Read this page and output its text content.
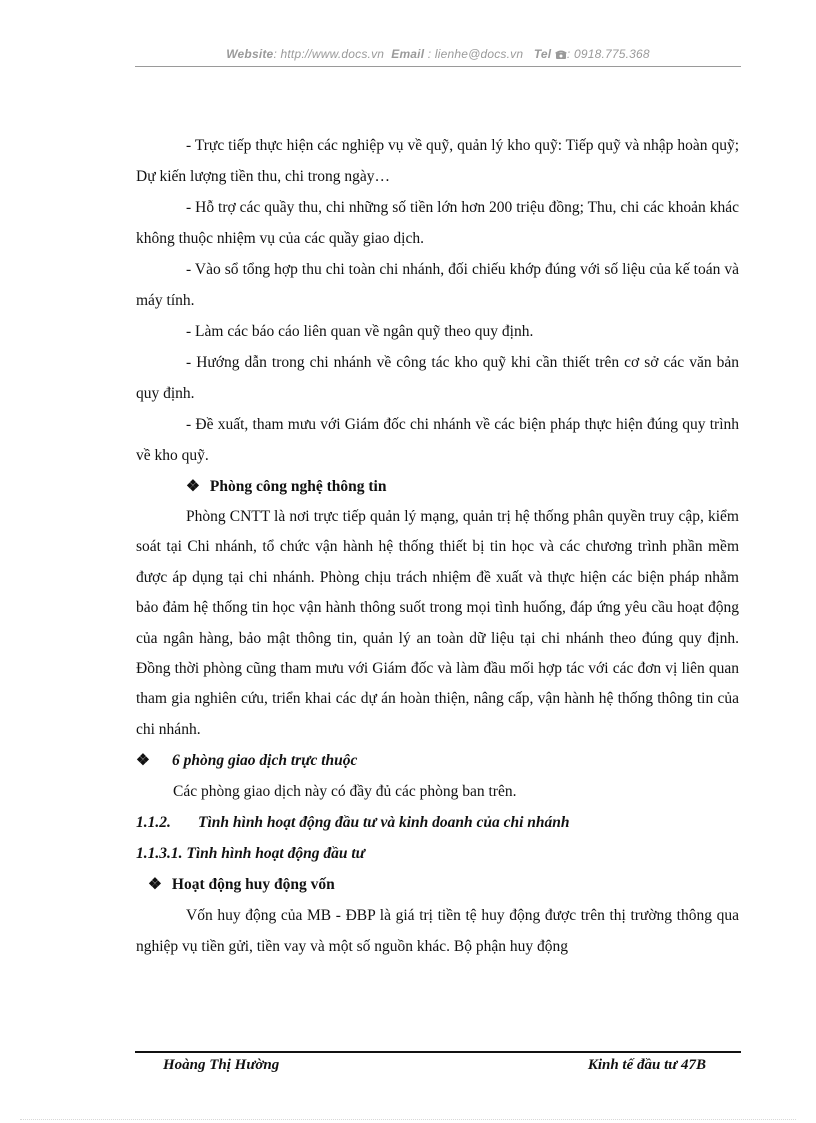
Website: http://www.docs.vn Email : lienhe@docs.vn Tel : 0918.775.368

- Trực tiếp thực hiện các nghiệp vụ về quỹ, quản lý kho quỹ: Tiếp quỹ và nhập hoàn quỹ; Dự kiến lượng tiền thu, chi trong ngày…

- Hỗ trợ các quầy thu, chi những số tiền lớn hơn 200 triệu đồng; Thu, chi các khoản khác không thuộc nhiệm vụ của các quầy giao dịch.

- Vào sổ tổng hợp thu chi toàn chi nhánh, đối chiếu khớp đúng với số liệu của kế toán và máy tính.

- Làm các báo cáo liên quan về ngân quỹ theo quy định.

- Hướng dẫn trong chi nhánh về công tác kho quỹ khi cần thiết trên cơ sở các văn bản quy định.

- Đề xuất, tham mưu với Giám đốc chi nhánh về các biện pháp thực hiện đúng quy trình về kho quỹ.

❖ Phòng công nghệ thông tin

Phòng CNTT là nơi trực tiếp quản lý mạng, quản trị hệ thống phân quyền truy cập, kiểm soát tại Chi nhánh, tổ chức vận hành hệ thống thiết bị tin học và các chương trình phần mềm được áp dụng tại chi nhánh. Phòng chịu trách nhiệm đề xuất và thực hiện các biện pháp nhằm bảo đảm hệ thống tin học vận hành thông suốt trong mọi tình huống, đáp ứng yêu cầu hoạt động của ngân hàng, bảo mật thông tin, quản lý an toàn dữ liệu tại chi nhánh theo đúng quy định. Đồng thời phòng cũng tham mưu với Giám đốc và làm đầu mối hợp tác với các đơn vị liên quan tham gia nghiên cứu, triển khai các dự án hoàn thiện, nâng cấp, vận hành hệ thống thông tin của chi nhánh.

❖ 6 phòng giao dịch trực thuộc

Các phòng giao dịch này có đầy đủ các phòng ban trên.

1.1.2. Tình hình hoạt động đầu tư và kinh doanh của chi nhánh

1.1.3.1. Tình hình hoạt động đầu tư

❖ Hoạt động huy động vốn

Vốn huy động của MB - ĐBP là giá trị tiền tệ huy động được trên thị trường thông qua nghiệp vụ tiền gửi, tiền vay và một số nguồn khác. Bộ phận huy động

Hoàng Thị Hường	Kinh tế đầu tư 47B
